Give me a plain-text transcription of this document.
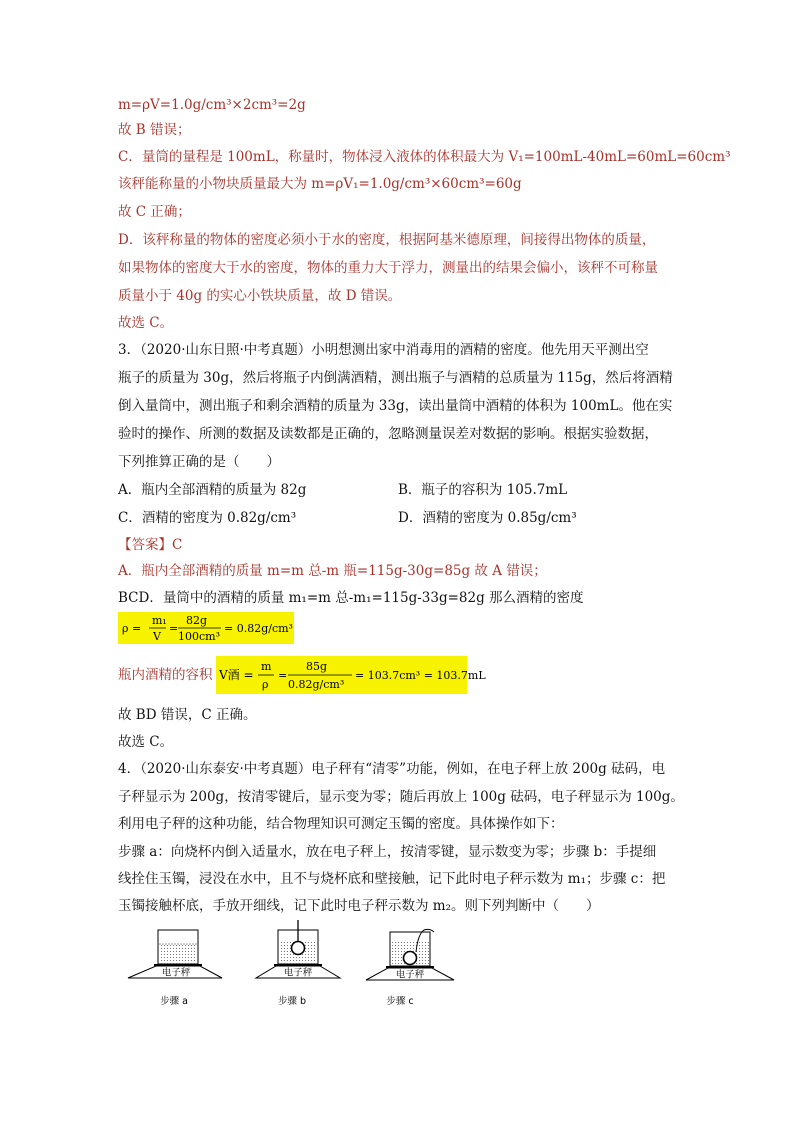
m=ρV=1.0g/cm³×2cm³=2g
故 B 错误；
C．量筒的量程是 100mL，称量时，物体浸入液体的体积最大为 V₁=100mL-40mL=60mL=60cm³
该秤能称量的小物块质量最大为 m=ρV₁=1.0g/cm³×60cm³=60g
故 C 正确；
D．该秤称量的物体的密度必须小于水的密度，根据阿基米德原理，间接得出物体的质量，
如果物体的密度大于水的密度，物体的重力大于浮力，测量出的结果会偏小，该秤不可称量
质量小于 40g 的实心小铁块质量，故 D 错误。
故选 C。
3．（2020·山东日照·中考真题）小明想测出家中消毒用的酒精的密度。他先用天平测出空
瓶子的质量为 30g，然后将瓶子内倒满酒精，测出瓶子与酒精的总质量为 115g，然后将酒精
倒入量筒中，测出瓶子和剩余酒精的质量为 33g，读出量筒中酒精的体积为 100mL。他在实
验时的操作、所测的数据及读数都是正确的，忽略测量误差对数据的影响。根据实验数据，
下列推算正确的是（　　）
A．瓶内全部酒精的质量为 82g	B．瓶子的容积为 105.7mL
C．酒精的密度为 0.82g/cm³	D．酒精的密度为 0.85g/cm³
【答案】C
A．瓶内全部酒精的质量 m=m 总-m 瓶=115g-30g=85g 故 A 错误；
BCD．量筒中的酒精的质量 m₁=m 总-m₁=115g-33g=82g 那么酒精的密度
ρ =
m₁
V
=
82g
100cm³
= 0.82g/cm³
瓶内酒精的容积 V酒 =
m
ρ
=
85g
0.82g/cm³
= 103.7cm³ = 103.7mL
故 BD 错误，C 正确。
故选 C。
4．（2020·山东泰安·中考真题）电子秤有“清零”功能，例如，在电子秤上放 200g 砝码，电
子秤显示为 200g，按清零键后，显示变为零；随后再放上 100g 砝码，电子秤显示为 100g。
利用电子秤的这种功能，结合物理知识可测定玉镯的密度。具体操作如下：
步骤 a：向烧杯内倒入适量水，放在电子秤上，按清零键，显示数变为零；步骤 b：手提细
线拴住玉镯，浸没在水中，且不与烧杯底和壁接触，记下此时电子秤示数为 m₁；步骤 c：把
玉镯接触杯底，手放开细线，记下此时电子秤示数为 m₂。则下列判断中（　　）
电子秤
步骤 a
电子秤
步骤 b
电子秤
步骤 c
